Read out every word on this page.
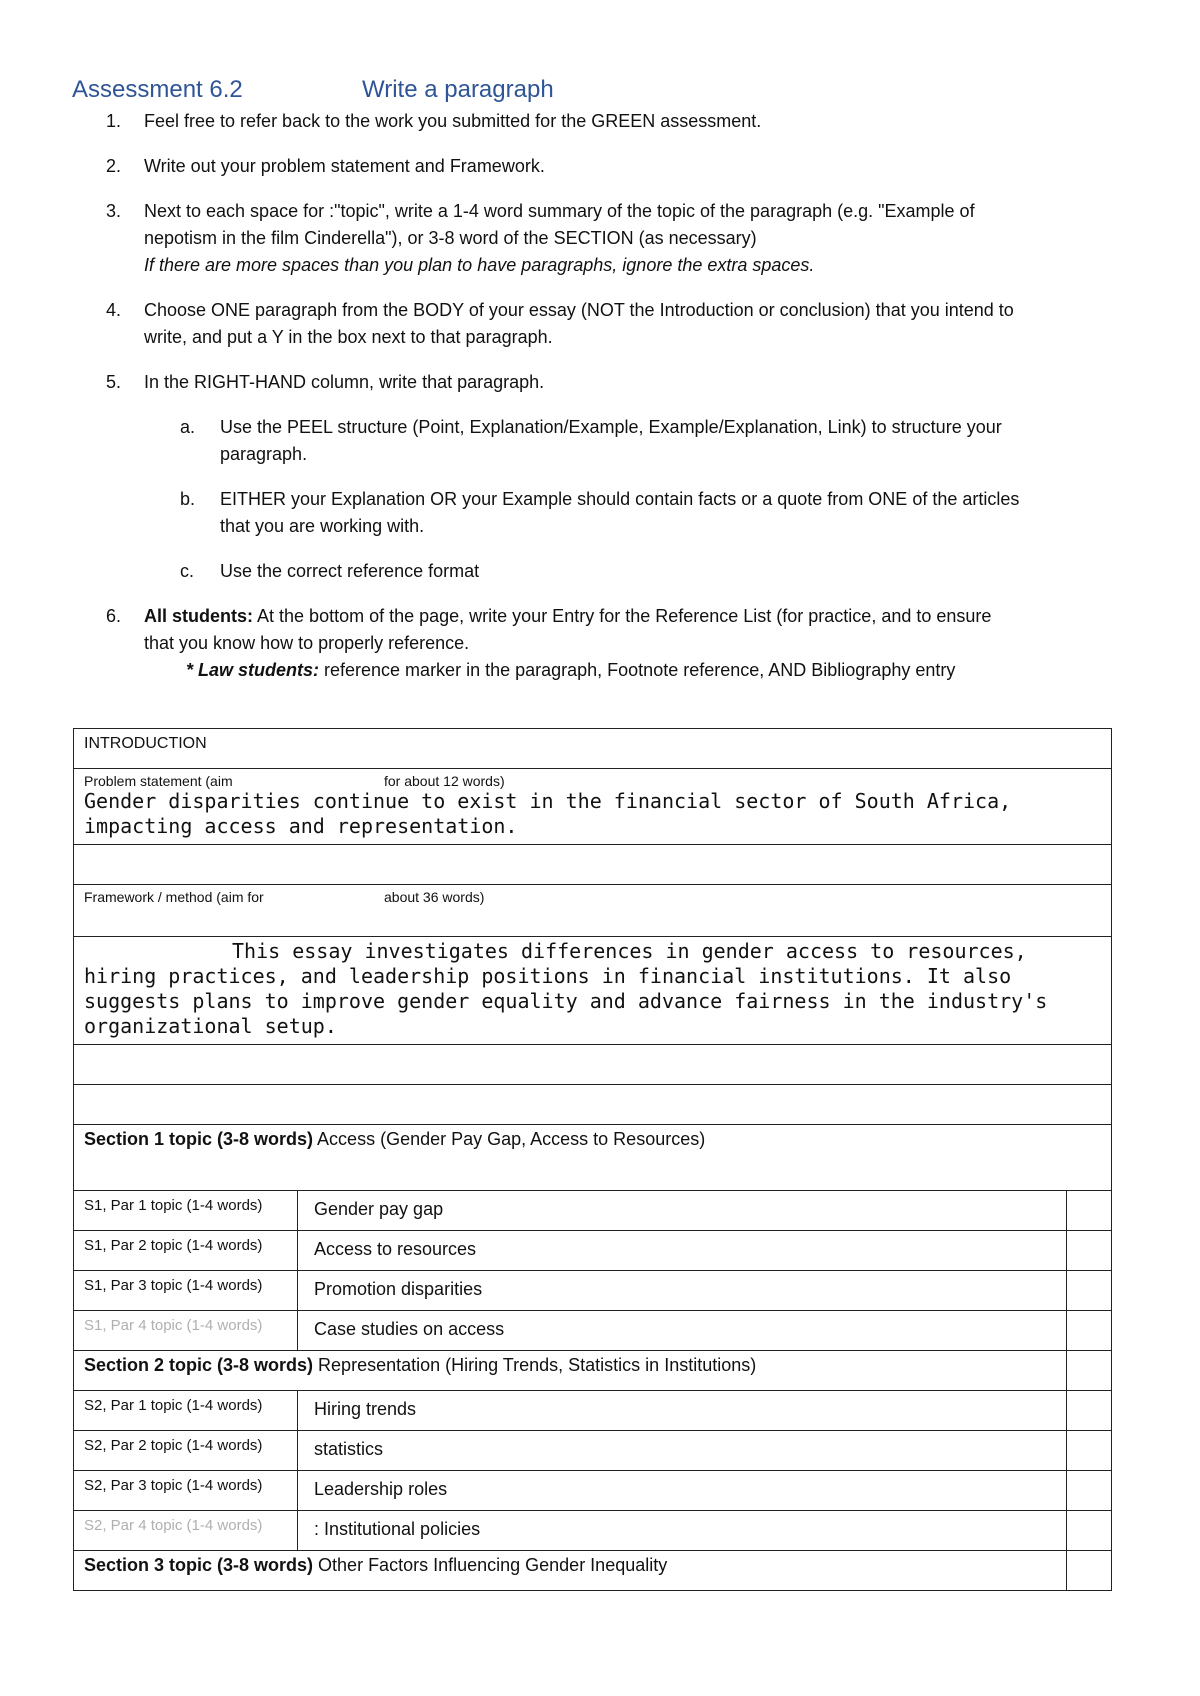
Assessment 6.2	Write a paragraph
1. Feel free to refer back to the work you submitted for the GREEN assessment.
2. Write out your problem statement and Framework.
3. Next to each space for :"topic", write a 1-4 word summary of the topic of the paragraph (e.g. "Example of
nepotism in the film Cinderella"), or 3-8 word of the SECTION (as necessary)
If there are more spaces than you plan to have paragraphs, ignore the extra spaces.
4. Choose ONE paragraph from the BODY of your essay (NOT the Introduction or conclusion) that you intend to
write, and put a Y in the box next to that paragraph.
5. In the RIGHT-HAND column, write that paragraph.
a. Use the PEEL structure (Point, Explanation/Example, Example/Explanation, Link) to structure your
paragraph.
b. EITHER your Explanation OR your Example should contain facts or a quote from ONE of the articles
that you are working with.
c. Use the correct reference format
6. All students: At the bottom of the page, write your Entry for the Reference List (for practice, and to ensure
that you know how to properly reference.
* Law students: reference marker in the paragraph, Footnote reference, AND Bibliography entry
INTRODUCTION		

Problem statement (aim for about 12 words)
Gender disparities continue to exist in the financial sector of South Africa, impacting access and representation.		

Framework / method (aim for about 36 words)		

This essay investigates differences in gender access to resources, hiring practices, and leadership positions in financial institutions. It also suggests plans to improve gender equality and advance fairness in the industry's organizational setup.		

Section 1 topic (3-8 words) Access (Gender Pay Gap, Access to Resources)		
S1, Par 1 topic (1-4 words)	Gender pay gap	
S1, Par 2 topic (1-4 words)	Access to resources	
S1, Par 3 topic (1-4 words)	Promotion disparities	
S1, Par 4 topic (1-4 words)	Case studies on access	
Section 2 topic (3-8 words) Representation (Hiring Trends, Statistics in Institutions)		
S2, Par 1 topic (1-4 words)	Hiring trends	
S2, Par 2 topic (1-4 words)	statistics	
S2, Par 3 topic (1-4 words)	Leadership roles	
S2, Par 4 topic (1-4 words)	: Institutional policies	
Section 3 topic (3-8 words) Other Factors Influencing Gender Inequality		
